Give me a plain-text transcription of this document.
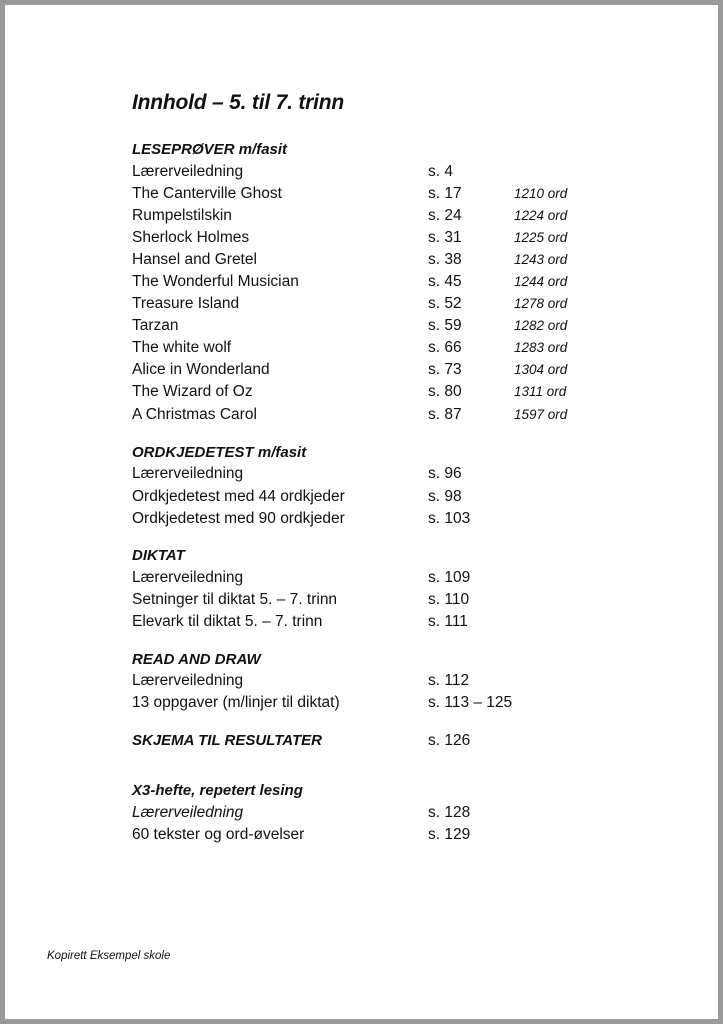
Innhold – 5. til 7. trinn
LESEPRØVER m/fasit
Lærerveiledning	s. 4
The Canterville Ghost	s. 17	1210 ord
Rumpelstilskin	s. 24	1224 ord
Sherlock Holmes	s. 31	1225 ord
Hansel and Gretel	s. 38	1243 ord
The Wonderful Musician	s. 45	1244 ord
Treasure Island	s. 52	1278 ord
Tarzan	s. 59	1282 ord
The white wolf	s. 66	1283 ord
Alice in Wonderland	s. 73	1304 ord
The Wizard of Oz	s. 80	1311 ord
A Christmas Carol	s. 87	1597 ord
ORDKJEDETEST m/fasit
Lærerveiledning	s. 96
Ordkjedetest med 44 ordkjeder	s. 98
Ordkjedetest med 90 ordkjeder	s. 103
DIKTAT
Lærerveiledning	s. 109
Setninger til diktat 5. – 7. trinn	s. 110
Elevark til diktat 5. – 7. trinn	s. 111
READ AND DRAW
Lærerveiledning	s. 112
13 oppgaver (m/linjer til diktat)	s. 113 – 125
SKJEMA TIL RESULTATER	s. 126
X3-hefte, repetert lesing
Lærerveiledning	s. 128
60 tekster og ord-øvelser	s. 129
Kopirett Eksempel skole
